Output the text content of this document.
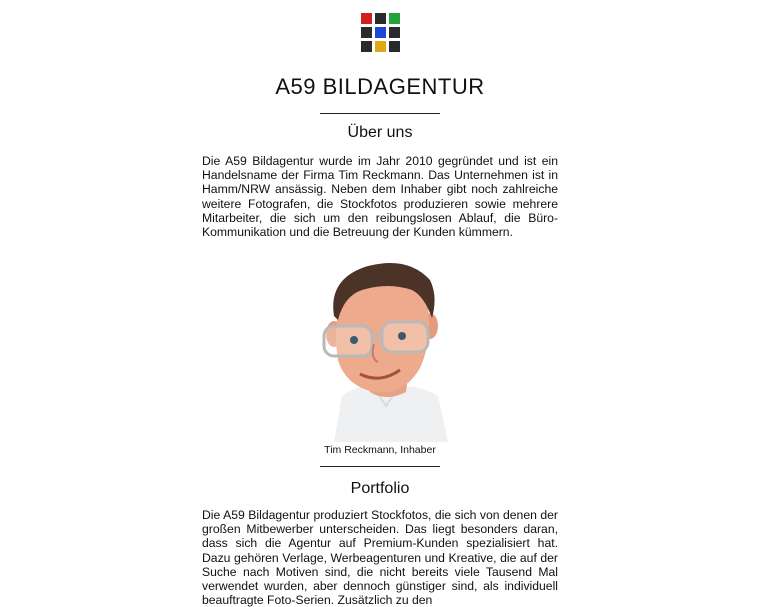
A59 BILDAGENTUR
Über uns
Die A59 Bildagentur wurde im Jahr 2010 gegründet und ist ein Handelsname der Firma Tim Reckmann. Das Unternehmen ist in Hamm/NRW ansässig. Neben dem Inhaber gibt noch zahlreiche weitere Fotografen, die Stockfotos produzieren sowie mehrere Mitarbeiter, die sich um den reibungslosen Ablauf, die Büro-Kommunikation und die Betreuung der Kunden kümmern.
Tim Reckmann, Inhaber
Portfolio
Die A59 Bildagentur produziert Stockfotos, die sich von denen der großen Mitbewerber unterscheiden. Das liegt besonders daran, dass sich die Agentur auf Premium-Kunden spezialisiert hat. Dazu gehören Verlage, Werbeagenturen und Kreative, die auf der Suche nach Motiven sind, die nicht bereits viele Tausend Mal verwendet wurden, aber dennoch günstiger sind, als individuell beauftragte Foto-Serien. Zusätzlich zu den
